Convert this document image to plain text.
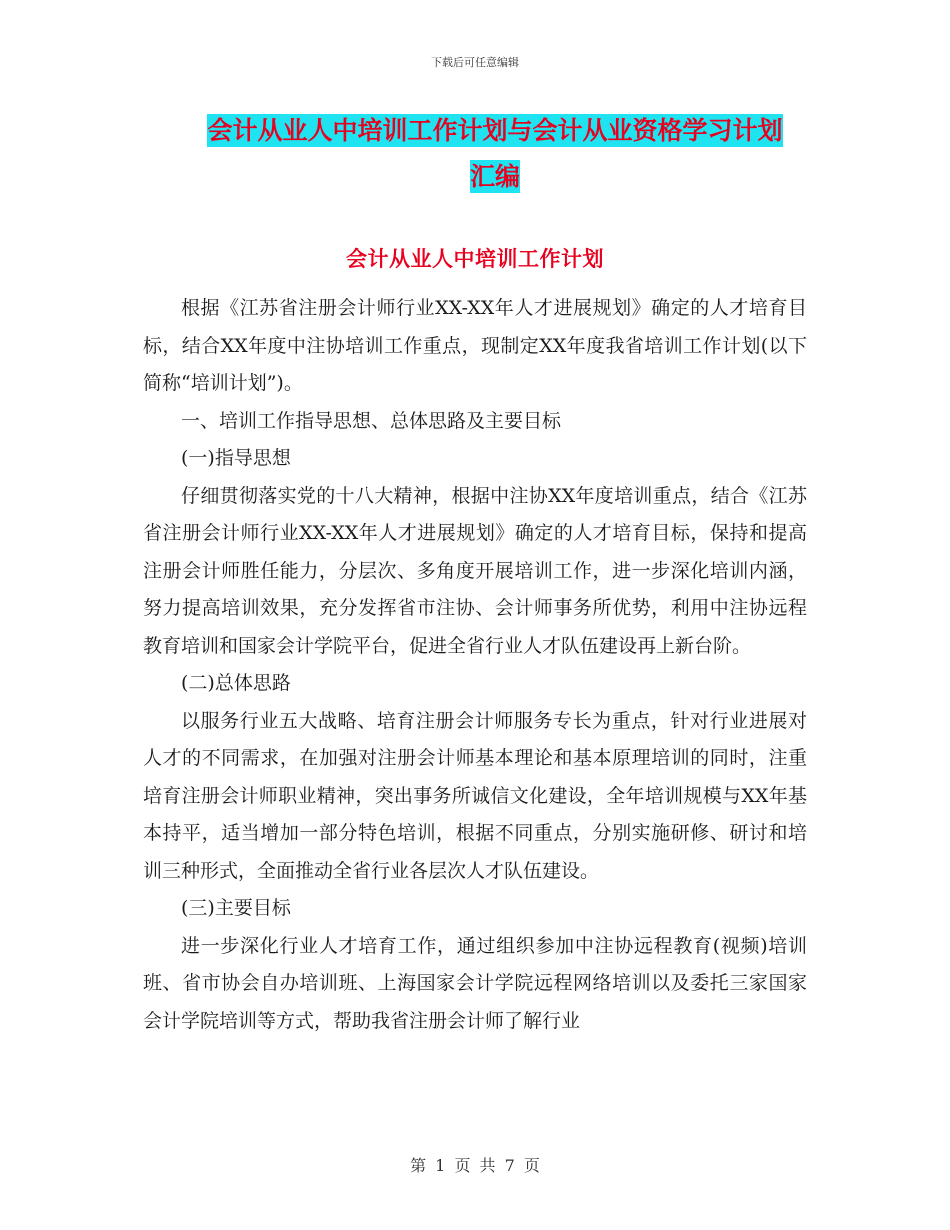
下载后可任意编辑
会计从业人中培训工作计划与会计从业资格学习计划
汇编
会计从业人中培训工作计划

根据《江苏省注册会计师行业XX-XX年人才进展规划》确定的人才培育目标，结合XX年度中注协培训工作重点，现制定XX年度我省培训工作计划(以下简称“培训计划”)。

一、培训工作指导思想、总体思路及主要目标

(一)指导思想

仔细贯彻落实党的十八大精神，根据中注协XX年度培训重点，结合《江苏省注册会计师行业XX-XX年人才进展规划》确定的人才培育目标，保持和提高注册会计师胜任能力，分层次、多角度开展培训工作，进一步深化培训内涵，努力提高培训效果，充分发挥省市注协、会计师事务所优势，利用中注协远程教育培训和国家会计学院平台，促进全省行业人才队伍建设再上新台阶。

(二)总体思路

以服务行业五大战略、培育注册会计师服务专长为重点，针对行业进展对人才的不同需求，在加强对注册会计师基本理论和基本原理培训的同时，注重培育注册会计师职业精神，突出事务所诚信文化建设，全年培训规模与XX年基本持平，适当增加一部分特色培训，根据不同重点，分别实施研修、研讨和培训三种形式，全面推动全省行业各层次人才队伍建设。

(三)主要目标

进一步深化行业人才培育工作，通过组织参加中注协远程教育(视频)培训班、省市协会自办培训班、上海国家会计学院远程网络培训以及委托三家国家会计学院培训等方式，帮助我省注册会计师了解行业

第 1 页 共 7 页
